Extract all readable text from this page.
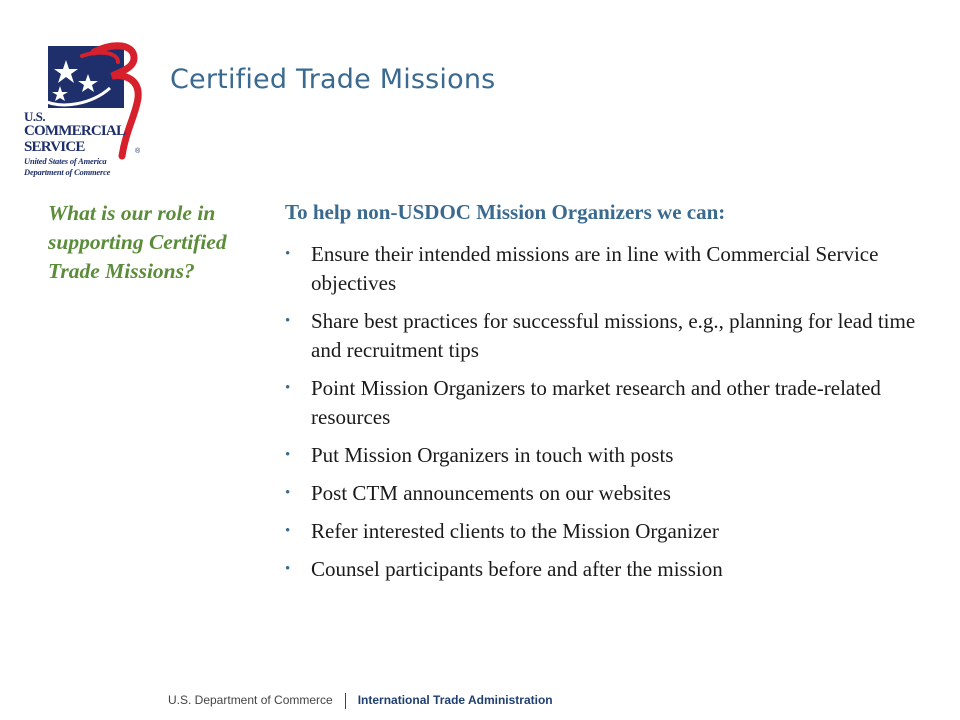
U.S.
COMMERCIAL
SERVICE
United States of America
Department of Commerce
®
Certified Trade Missions
What is our role in supporting Certified Trade Missions?
To help non-USDOC Mission Organizers we can:
• Ensure their intended missions are in line with Commercial Service objectives
• Share best practices for successful missions, e.g., planning for lead time and recruitment tips
• Point Mission Organizers to market research and other trade-related resources
• Put Mission Organizers in touch with posts
• Post CTM announcements on our websites
• Refer interested clients to the Mission Organizer
• Counsel participants before and after the mission
U.S. Department of Commerce International Trade Administration
